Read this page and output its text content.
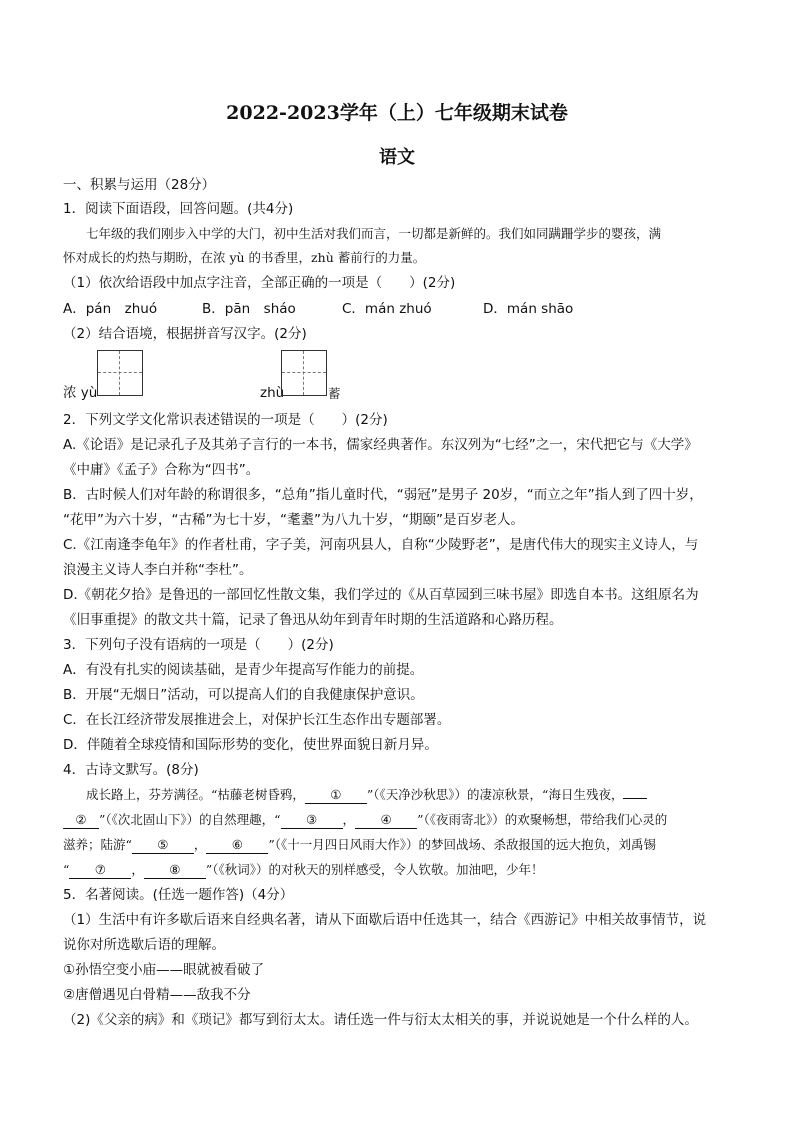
2022-2023学年（上）七年级期末试卷
语文
一、积累与运用（28分）
1．阅读下面语段，回答问题。(共4分)
七年级的我们刚步入中学的大门，初中生活对我们而言，一切都是新鲜的。我们如同蹒跚学步的婴孩，满
怀对成长的灼热与期盼，在浓 yù 的书香里，zhù 蓄前行的力量。
（1）依次给语段中加点字注音，全部正确的一项是（　　）(2分)
A．pán　zhuó	B．pān　sháo	C．mán zhuó	D．mán shāo
（2）结合语境，根据拼音写汉字。(2分)
浓 yù	zhù	蓄
2．下列文学文化常识表述错误的一项是（　　）(2分)
A.《论语》是记录孔子及其弟子言行的一本书，儒家经典著作。东汉列为“七经”之一，宋代把它与《大学》
《中庸》《孟子》合称为“四书”。
B．古时候人们对年龄的称谓很多，“总角”指儿童时代，“弱冠”是男子 20岁，“而立之年”指人到了四十岁，
“花甲”为六十岁，“古稀”为七十岁，“耄耋”为八九十岁，“期颐”是百岁老人。
C.《江南逢李龟年》的作者杜甫，字子美，河南巩县人，自称“少陵野老”，是唐代伟大的现实主义诗人，与
浪漫主义诗人李白并称“李杜”。
D.《朝花夕拾》是鲁迅的一部回忆性散文集，我们学过的《从百草园到三味书屋》即选自本书。这组原名为
《旧事重提》的散文共十篇，记录了鲁迅从幼年到青年时期的生活道路和心路历程。
3．下列句子没有语病的一项是（　　）(2分)
A．有没有扎实的阅读基础，是青少年提高写作能力的前提。
B．开展“无烟日”活动，可以提高人们的自我健康保护意识。
C．在长江经济带发展推进会上，对保护长江生态作出专题部署。
D．伴随着全球疫情和国际形势的变化，使世界面貌日新月异。
4．古诗文默写。(8分)
成长路上，芬芳满径。“枯藤老树昏鸦， ① ”（《天净沙秋思》）的凄凉秋景，“海日生残夜，
② ”（《次北固山下》）的自然理趣，“ ③ ， ④ ”（《夜雨寄北》）的欢聚畅想，带给我们心灵的
滋养；陆游“ ⑤ ， ⑥ ”（《十一月四日风雨大作》）的梦回战场、杀敌报国的远大抱负，刘禹锡
“ ⑦ ， ⑧ ”（《秋词》）的对秋天的别样感受，令人钦敬。加油吧，少年！
5．名著阅读。(任选一题作答)（4分）
（1）生活中有许多歇后语来自经典名著，请从下面歇后语中任选其一，结合《西游记》中相关故事情节，说
说你对所选歇后语的理解。
①孙悟空变小庙——眼就被看破了
②唐僧遇见白骨精——敌我不分
（2)《父亲的病》和《琐记》都写到衍太太。请任选一件与衍太太相关的事，并说说她是一个什么样的人。
